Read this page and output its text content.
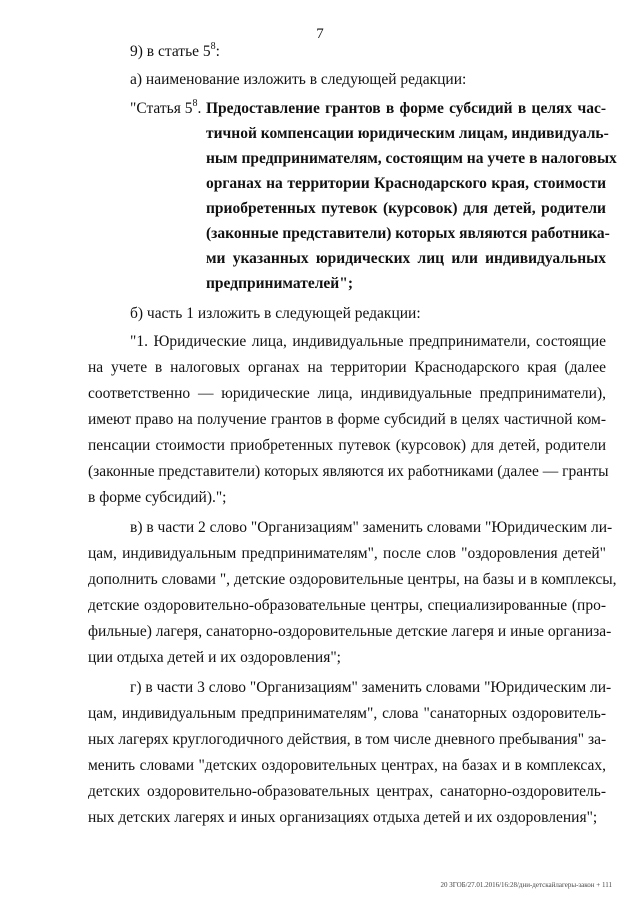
7
9) в статье $5^8$:
а) наименование изложить в следующей редакции:
"Статья $5^8$. Предоставление грантов в форме субсидий в целях час-
тичной компенсации юридическим лицам, индивидуаль-
ным предпринимателям, состоящим на учете в налоговых
органах на территории Краснодарского края, стоимости
приобретенных путевок (курсовок) для детей, родители
(законные представители) которых являются работника-
ми указанных юридических лиц или индивидуальных
предпринимателей";
б) часть 1 изложить в следующей редакции:
"1. Юридические лица, индивидуальные предприниматели, состоящие
на учете в налоговых органах на территории Краснодарского края (далее
соответственно — юридические лица, индивидуальные предприниматели),
имеют право на получение грантов в форме субсидий в целях частичной ком-
пенсации стоимости приобретенных путевок (курсовок) для детей, родители
(законные представители) которых являются их работниками (далее — гранты
в форме субсидий).";
в) в части 2 слово "Организациям" заменить словами "Юридическим ли-
цам, индивидуальным предпринимателям", после слов "оздоровления детей"
дополнить словами ", детские оздоровительные центры, на базы и в комплексы,
детские оздоровительно-образовательные центры, специализированные (про-
фильные) лагеря, санаторно-оздоровительные детские лагеря и иные организа-
ции отдыха детей и их оздоровления";
г) в части 3 слово "Организациям" заменить словами "Юридическим ли-
цам, индивидуальным предпринимателям", слова "санаторных оздоровитель-
ных лагерях круглогодичного действия, в том числе дневного пребывания" за-
менить словами "детских оздоровительных центрах, на базах и в комплексах,
детских оздоровительно-образовательных центрах, санаторно-оздоровитель-
ных детских лагерях и иных организациях отдыха детей и их оздоровления";
20 ЗГОБ/27.01.2016/16:28/дни-детскайлагеры-закон + 111
